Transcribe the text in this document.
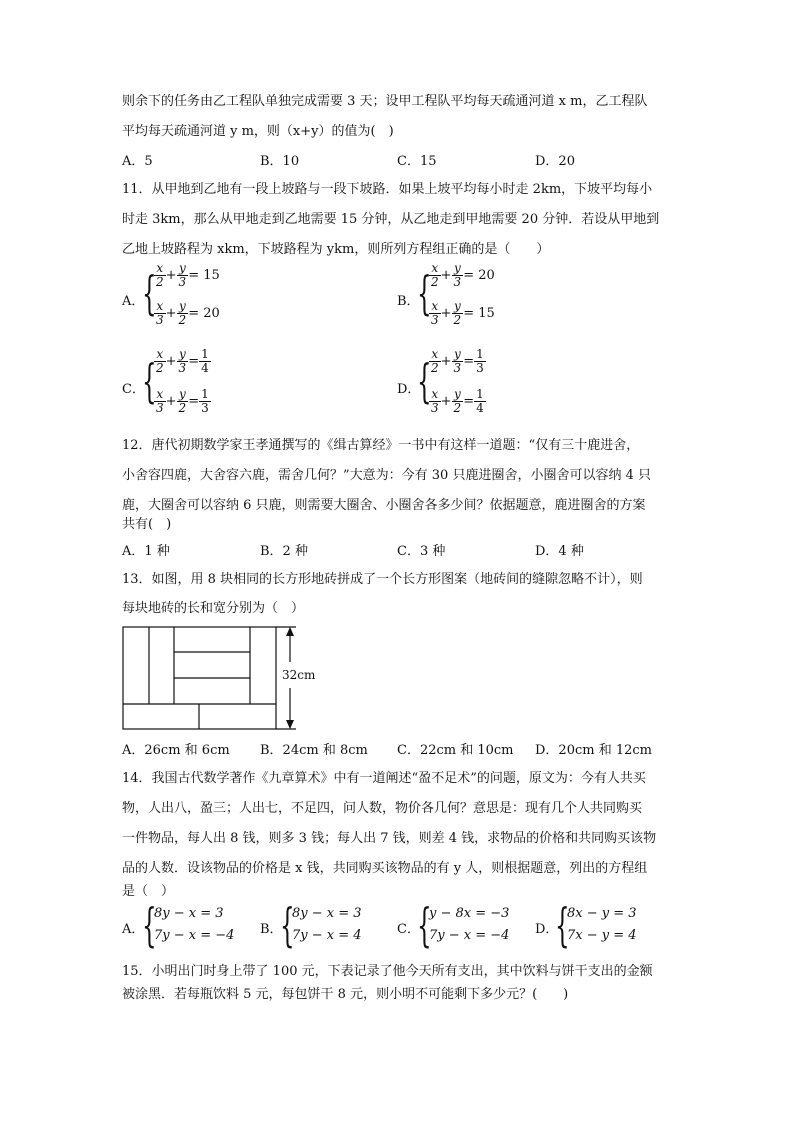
则余下的任务由乙工程队单独完成需要 3 天；设甲工程队平均每天疏通河道 x m，乙工程队
平均每天疏通河道 y m，则（x+y）的值为(　)
A．5	B．10	C．15	D．20
11．从甲地到乙地有一段上坡路与一段下坡路．如果上坡平均每小时走 2km，下坡平均每小
时走 3km，那么从甲地走到乙地需要 15 分钟，从乙地走到甲地需要 20 分钟．若设从甲地到
乙地上坡路程为 xkm，下坡路程为 ykm，则所列方程组正确的是（　　）
A．
{
$\frac{x}{2} + \frac{y}{3} = 15$
$\frac{x}{3} + \frac{y}{2} = 20$
B．
{
$\frac{x}{2} + \frac{y}{3} = 20$
$\frac{x}{3} + \frac{y}{2} = 15$
C．
{
$\frac{x}{2} + \frac{y}{3} = \frac{1}{4}$
$\frac{x}{3} + \frac{y}{2} = \frac{1}{3}$	D．
{
$\frac{x}{2} + \frac{y}{3} = \frac{1}{3}$
$\frac{x}{3} + \frac{y}{2} = \frac{1}{4}$
12．唐代初期数学家王孝通撰写的《缉古算经》一书中有这样一道题：“仅有三十鹿进舍，
小舍容四鹿，大舍容六鹿，需舍几何？”大意为：今有 30 只鹿进圈舍，小圈舍可以容纳 4 只
鹿，大圈舍可以容纳 6 只鹿，则需要大圈舍、小圈舍各多少间？依据题意，鹿进圈舍的方案
共有(　)
A．1 种	B．2 种	C．3 种	D．4 种
13．如图，用 8 块相同的长方形地砖拼成了一个长方形图案（地砖间的缝隙忽略不计），则
每块地砖的长和宽分别为（　）
32cm
A．26cm 和 6cm B．24cm 和 8cm C．22cm 和 10cm D．20cm 和 12cm
14．我国古代数学著作《九章算术》中有一道阐述“盈不足术”的问题，原文为：今有人共买
物，人出八，盈三；人出七，不足四，问人数，物价各几何？意思是：现有几个人共同购买
一件物品，每人出 8 钱，则多 3 钱；每人出 7 钱，则差 4 钱，求物品的价格和共同购买该物
品的人数．设该物品的价格是 x 钱，共同购买该物品的有 y 人，则根据题意，列出的方程组
是（　）
A．
{
8y − x = 3
7y − x = −4 B．
{
8y − x = 3
7y − x = 4	C．
{
y − 8x = −3
7y − x = −4 D．
{
8x − y = 3
7x − y = 4
15．小明出门时身上带了 100 元，下表记录了他今天所有支出，其中饮料与饼干支出的金额
被涂黑．若每瓶饮料 5 元，每包饼干 8 元，则小明不可能剩下多少元？(　　)
